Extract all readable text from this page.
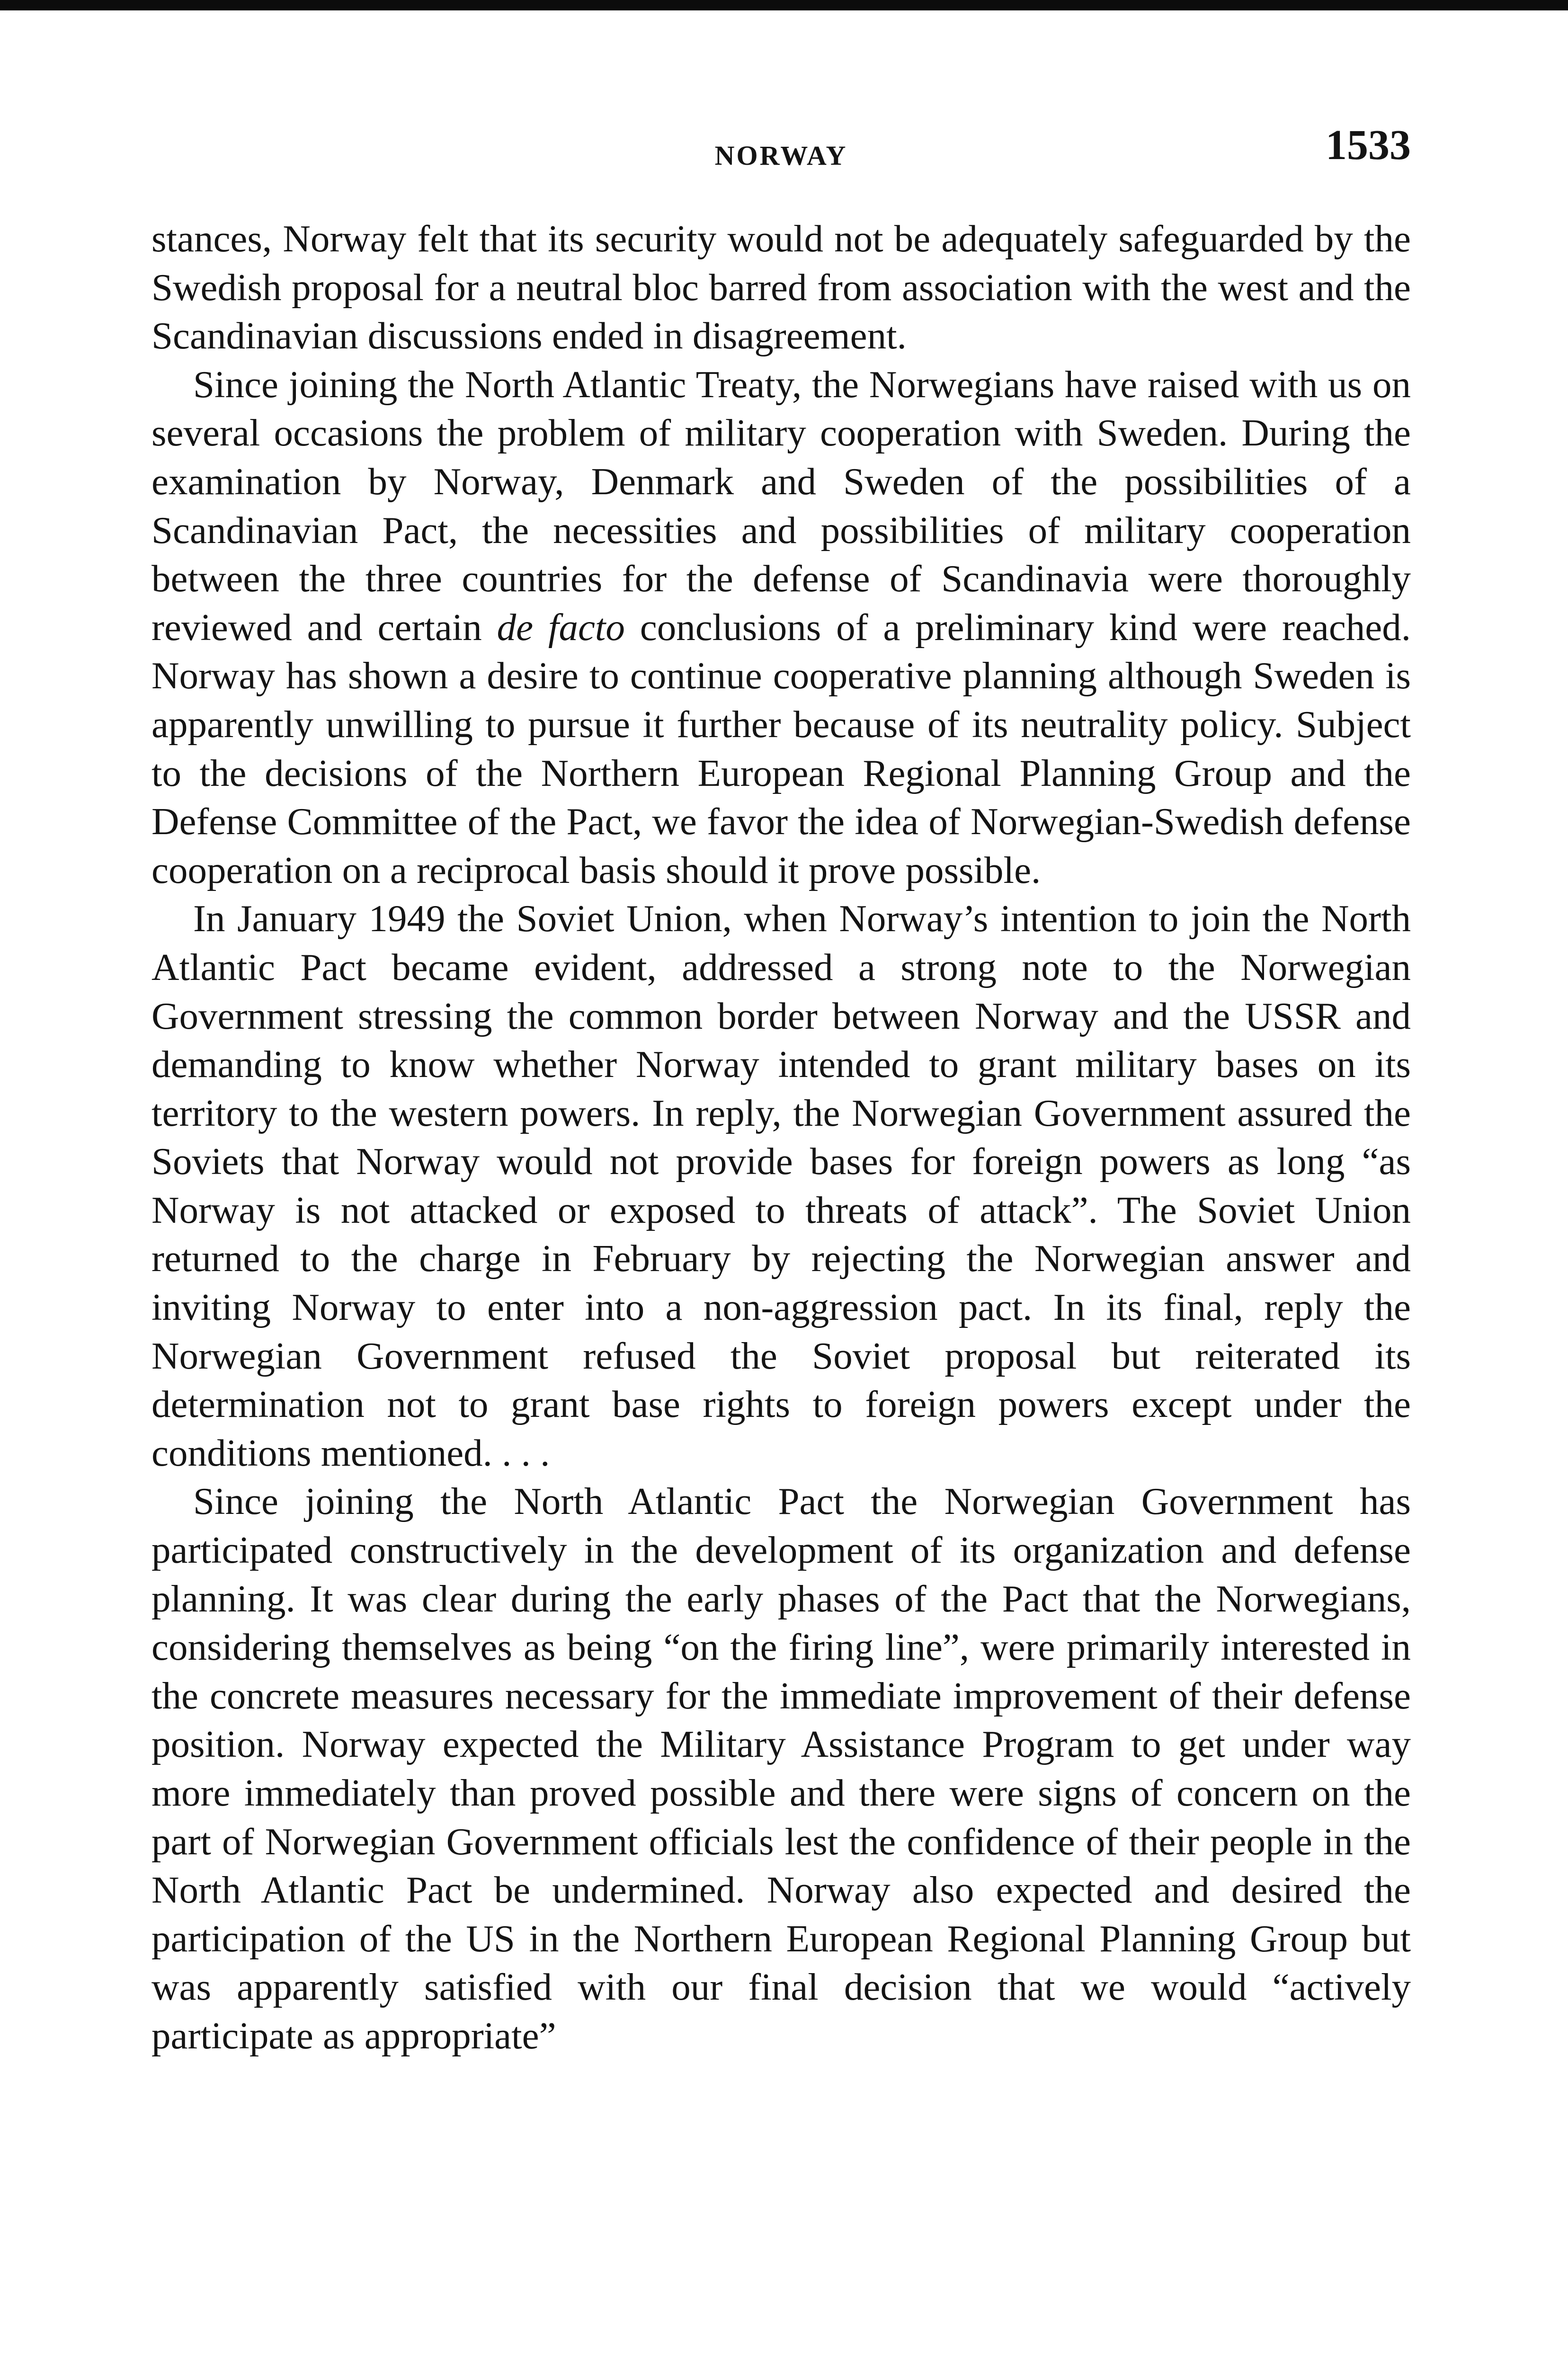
NORWAY	1533

stances, Norway felt that its security would not be adequately safeguarded by the Swedish proposal for a neutral bloc barred from association with the west and the Scandinavian discussions ended in disagreement.

Since joining the North Atlantic Treaty, the Norwegians have raised with us on several occasions the problem of military cooperation with Sweden. During the examination by Norway, Denmark and Sweden of the possibilities of a Scandinavian Pact, the necessities and possibilities of military cooperation between the three countries for the defense of Scandinavia were thoroughly reviewed and certain de facto conclusions of a preliminary kind were reached. Norway has shown a desire to continue cooperative planning although Sweden is apparently unwilling to pursue it further because of its neutrality policy. Subject to the decisions of the Northern European Regional Planning Group and the Defense Committee of the Pact, we favor the idea of Norwegian-Swedish defense cooperation on a reciprocal basis should it prove possible.

In January 1949 the Soviet Union, when Norway’s intention to join the North Atlantic Pact became evident, addressed a strong note to the Norwegian Government stressing the common border between Norway and the USSR and demanding to know whether Norway intended to grant military bases on its territory to the western powers. In reply, the Norwegian Government assured the Soviets that Norway would not provide bases for foreign powers as long “as Norway is not attacked or exposed to threats of attack”. The Soviet Union returned to the charge in February by rejecting the Norwegian answer and inviting Norway to enter into a non-aggression pact. In its final, reply the Norwegian Government refused the Soviet proposal but reiterated its determination not to grant base rights to foreign powers except under the conditions mentioned. . . .

Since joining the North Atlantic Pact the Norwegian Government has participated constructively in the development of its organization and defense planning. It was clear during the early phases of the Pact that the Norwegians, considering themselves as being “on the firing line”, were primarily interested in the concrete measures necessary for the immediate improvement of their defense position. Norway expected the Military Assistance Program to get under way more immediately than proved possible and there were signs of concern on the part of Norwegian Government officials lest the confidence of their people in the North Atlantic Pact be undermined. Norway also expected and desired the participation of the US in the Northern European Regional Planning Group but was apparently satisfied with our final decision that we would “actively participate as appropriate”
